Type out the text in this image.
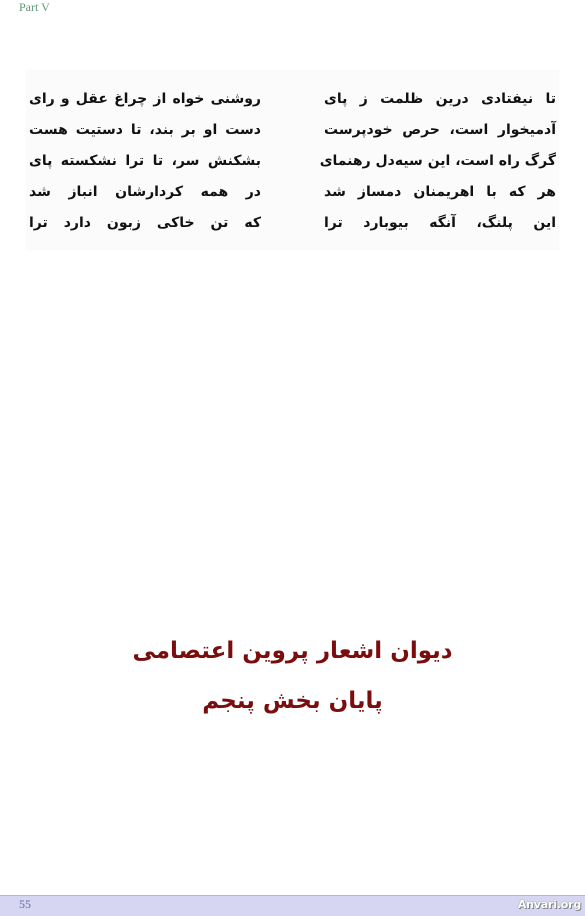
Part V
تا نیفتادی درین ظلمت ز پای
آدمیخوار است، حرص خودپرست
گرگ راه است، این سیه‌دل رهنمای
هر که با اهریمنان دمساز شد
این پلنگ، آنگه بیوبارد ترا
روشنی خواه از چراغ عقل و رای
دست او بر بند، تا دستیت هست
بشکنش سر، تا ترا نشکسته پای
در همه کردارشان انباز شد
که تن خاکی زبون دارد ترا
دیوان اشعار پروین اعتصامی
پایان بخش پنجم
55	Anvari.org
